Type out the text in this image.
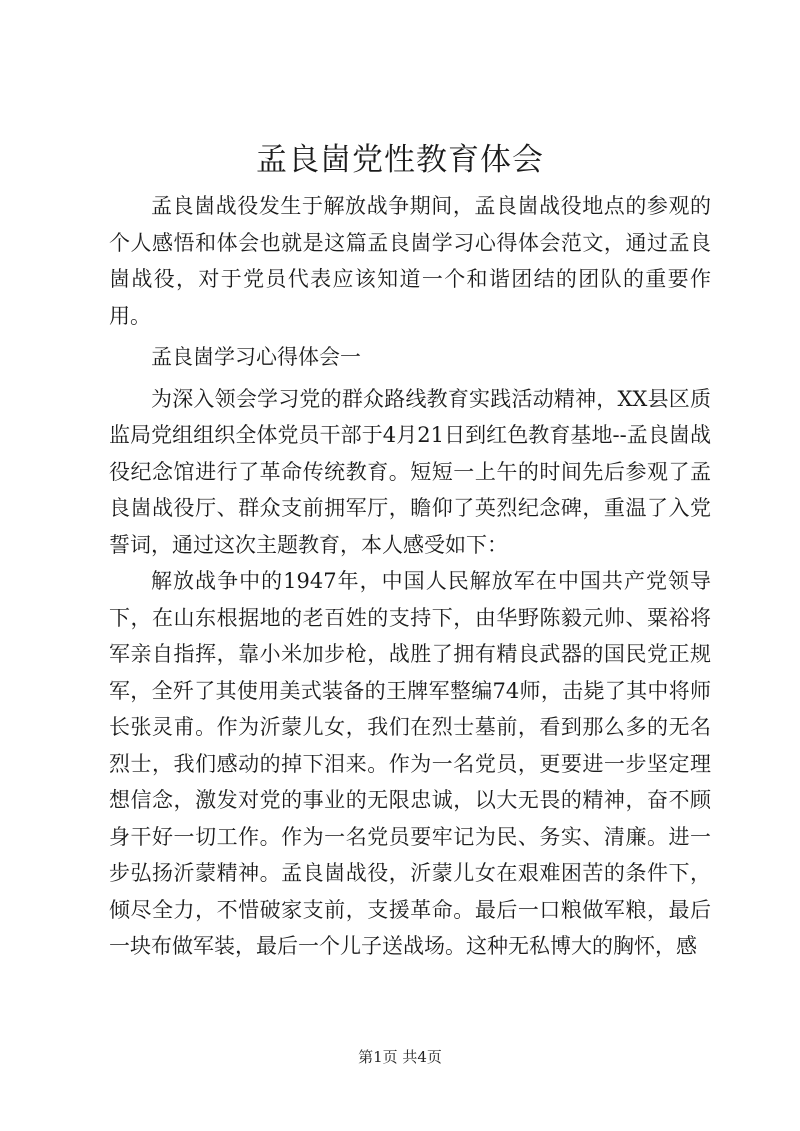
孟良崮党性教育体会

孟良崮战役发生于解放战争期间，孟良崮战役地点的参观的个人感悟和体会也就是这篇孟良崮学习心得体会范文，通过孟良崮战役，对于党员代表应该知道一个和谐团结的团队的重要作用。

孟良崮学习心得体会一

为深入领会学习党的群众路线教育实践活动精神，XX县区质监局党组组织全体党员干部于4月21日到红色教育基地--孟良崮战役纪念馆进行了革命传统教育。短短一上午的时间先后参观了孟良崮战役厅、群众支前拥军厅，瞻仰了英烈纪念碑，重温了入党誓词，通过这次主题教育，本人感受如下：

解放战争中的1947年，中国人民解放军在中国共产党领导下，在山东根据地的老百姓的支持下，由华野陈毅元帅、粟裕将军亲自指挥，靠小米加步枪，战胜了拥有精良武器的国民党正规军，全歼了其使用美式装备的王牌军整编74师，击毙了其中将师长张灵甫。作为沂蒙儿女，我们在烈士墓前，看到那么多的无名烈士，我们感动的掉下泪来。作为一名党员，更要进一步坚定理想信念，激发对党的事业的无限忠诚，以大无畏的精神，奋不顾身干好一切工作。作为一名党员要牢记为民、务实、清廉。进一步弘扬沂蒙精神。孟良崮战役，沂蒙儿女在艰难困苦的条件下，倾尽全力，不惜破家支前，支援革命。最后一口粮做军粮，最后一块布做军装，最后一个儿子送战场。这种无私博大的胸怀，感

第1页 共4页
